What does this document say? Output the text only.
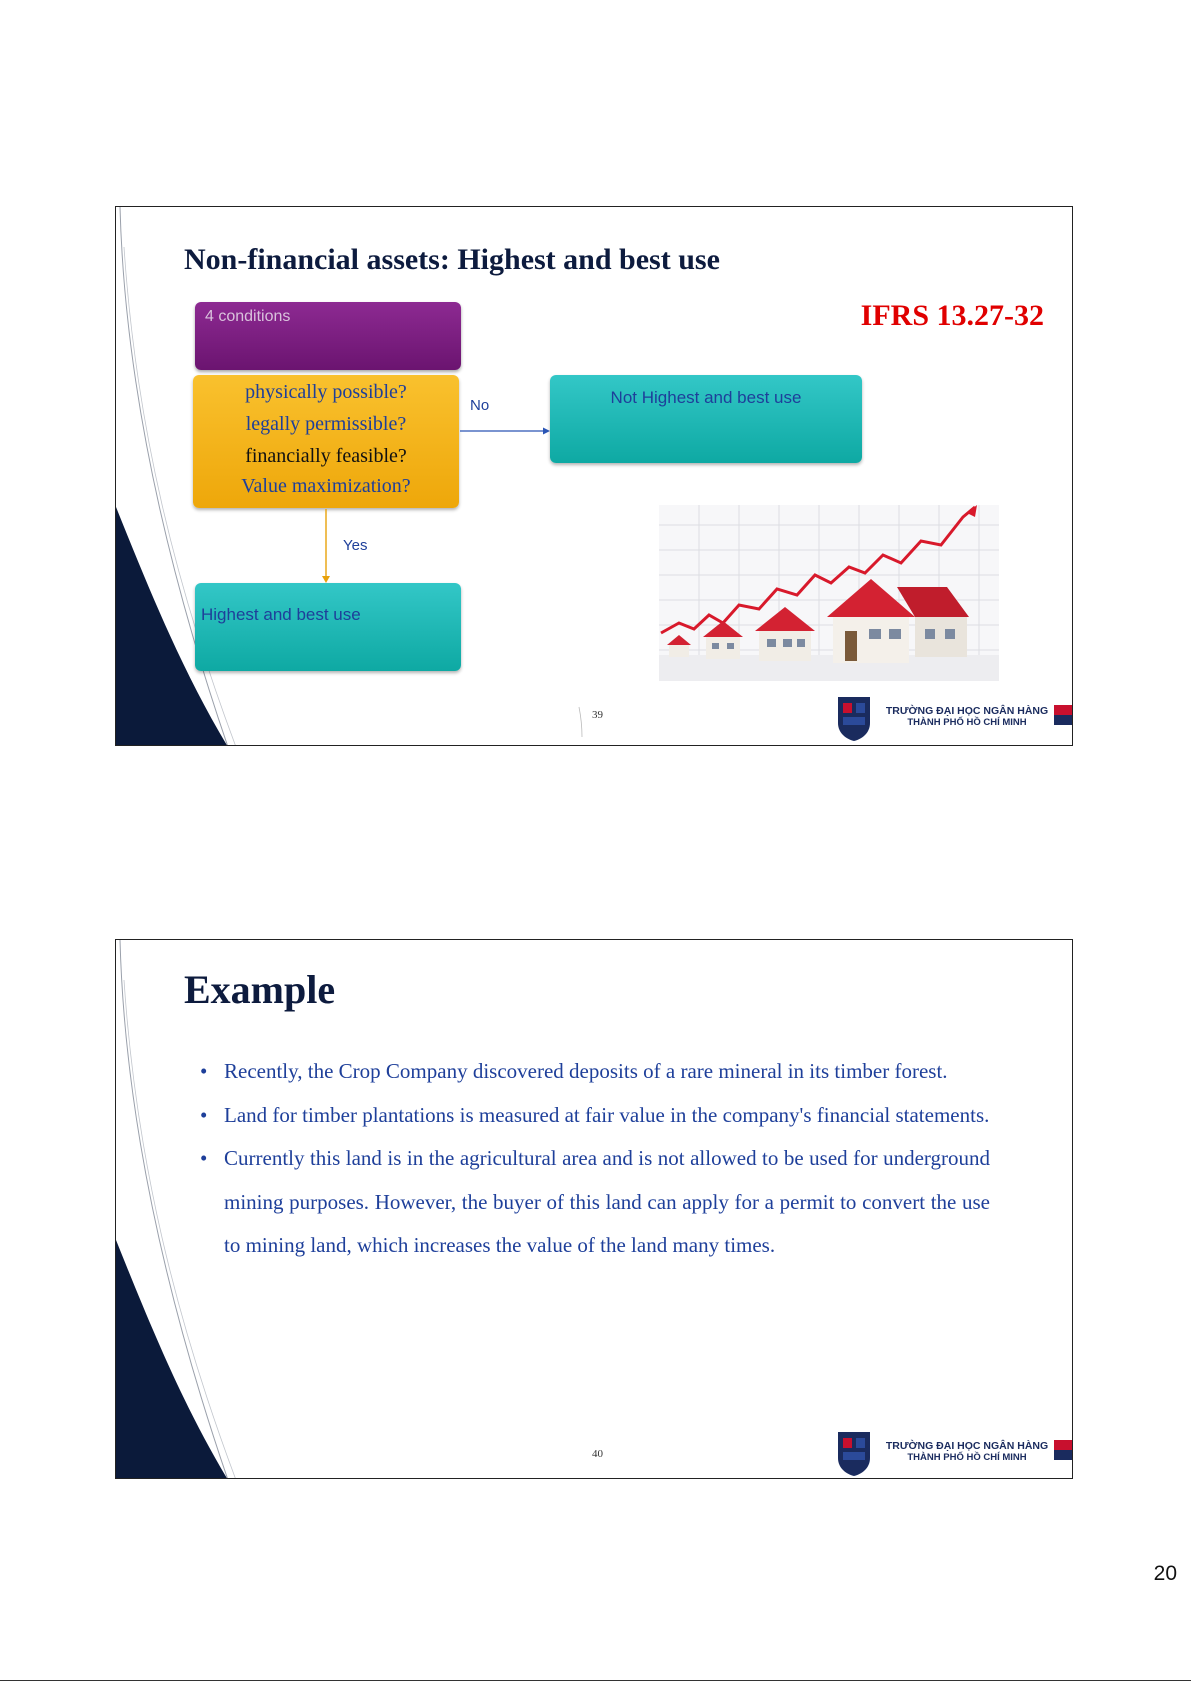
Non-financial assets: Highest and best use
IFRS 13.27-32
4 conditions
physically possible?
legally permissible?
financially feasible?
Value maximization?
No
Yes
Not Highest and best use
Highest and best use
39	TRƯỜNG ĐẠI HỌC NGÂN HÀNG
THÀNH PHỐ HỒ CHÍ MINH
Example
• Recently, the Crop Company discovered deposits of a rare mineral in its timber forest.
• Land for timber plantations is measured at fair value in the company's financial statements.
• Currently this land is in the agricultural area and is not allowed to be used for underground mining purposes. However, the buyer of this land can apply for a permit to convert the use to mining land, which increases the value of the land many times.
40
TRƯỜNG ĐẠI HỌC NGÂN HÀNG
THÀNH PHỐ HỒ CHÍ MINH
20
